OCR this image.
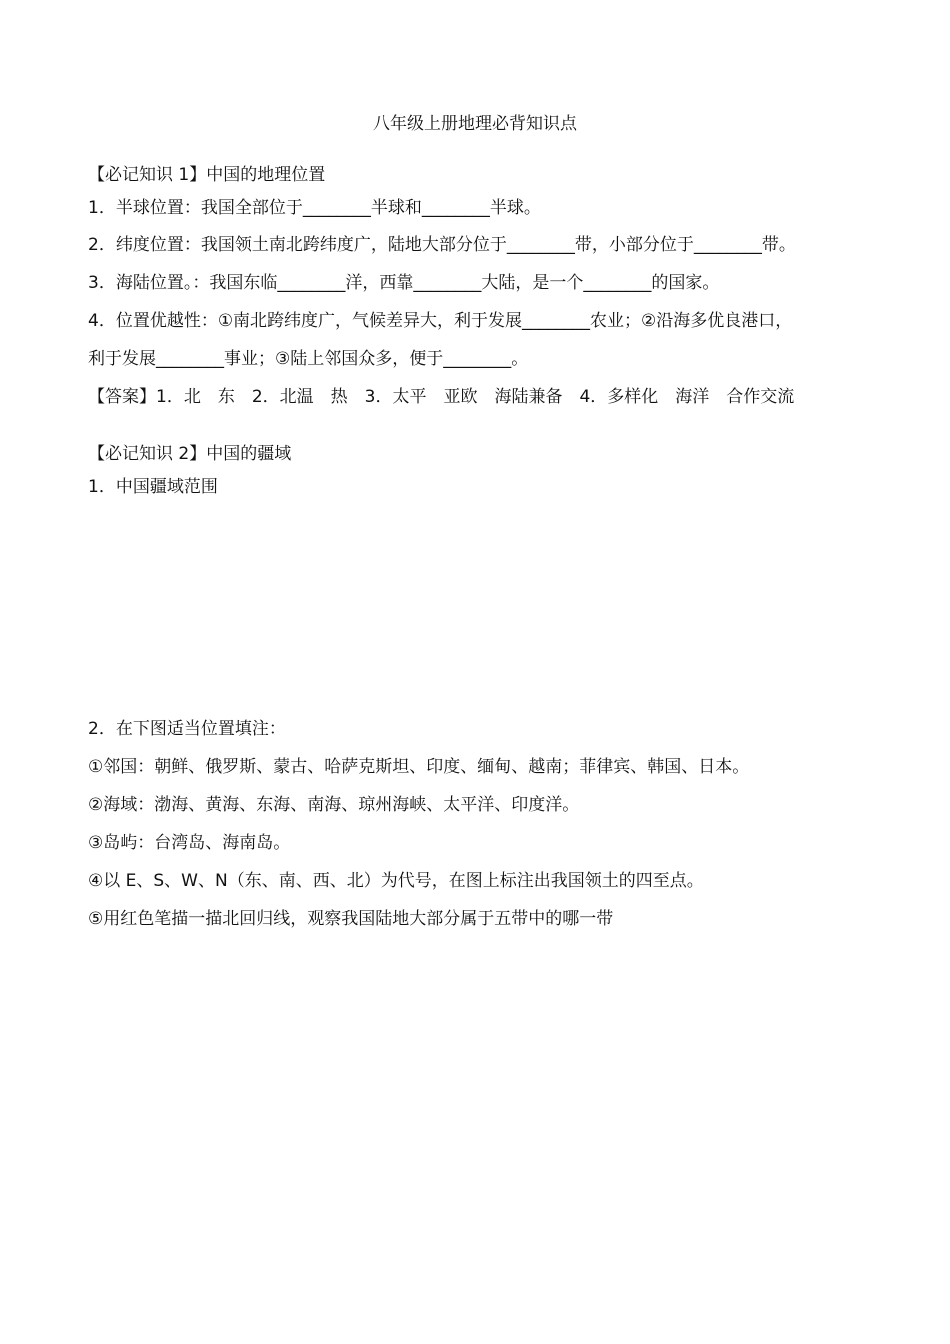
八年级上册地理必背知识点
【必记知识 1】中国的地理位置
1．半球位置：我国全部位于________半球和________半球。
2．纬度位置：我国领土南北跨纬度广，陆地大部分位于________带，小部分位于________带。
3．海陆位置。：我国东临________洋，西靠________大陆，是一个________的国家。
4．位置优越性：①南北跨纬度广，气候差异大，利于发展________农业；②沿海多优良港口，
利于发展________事业；③陆上邻国众多，便于________。
【答案】1．北　东　2．北温　热　3．太平　亚欧　海陆兼备　4．多样化　海洋　合作交流
【必记知识 2】中国的疆域
1．中国疆域范围
2．在下图适当位置填注：
①邻国：朝鲜、俄罗斯、蒙古、哈萨克斯坦、印度、缅甸、越南；菲律宾、韩国、日本。
②海域：渤海、黄海、东海、南海、琼州海峡、太平洋、印度洋。
③岛屿：台湾岛、海南岛。
④以 E、S、W、N（东、南、西、北）为代号，在图上标注出我国领土的四至点。
⑤用红色笔描一描北回归线，观察我国陆地大部分属于五带中的哪一带
